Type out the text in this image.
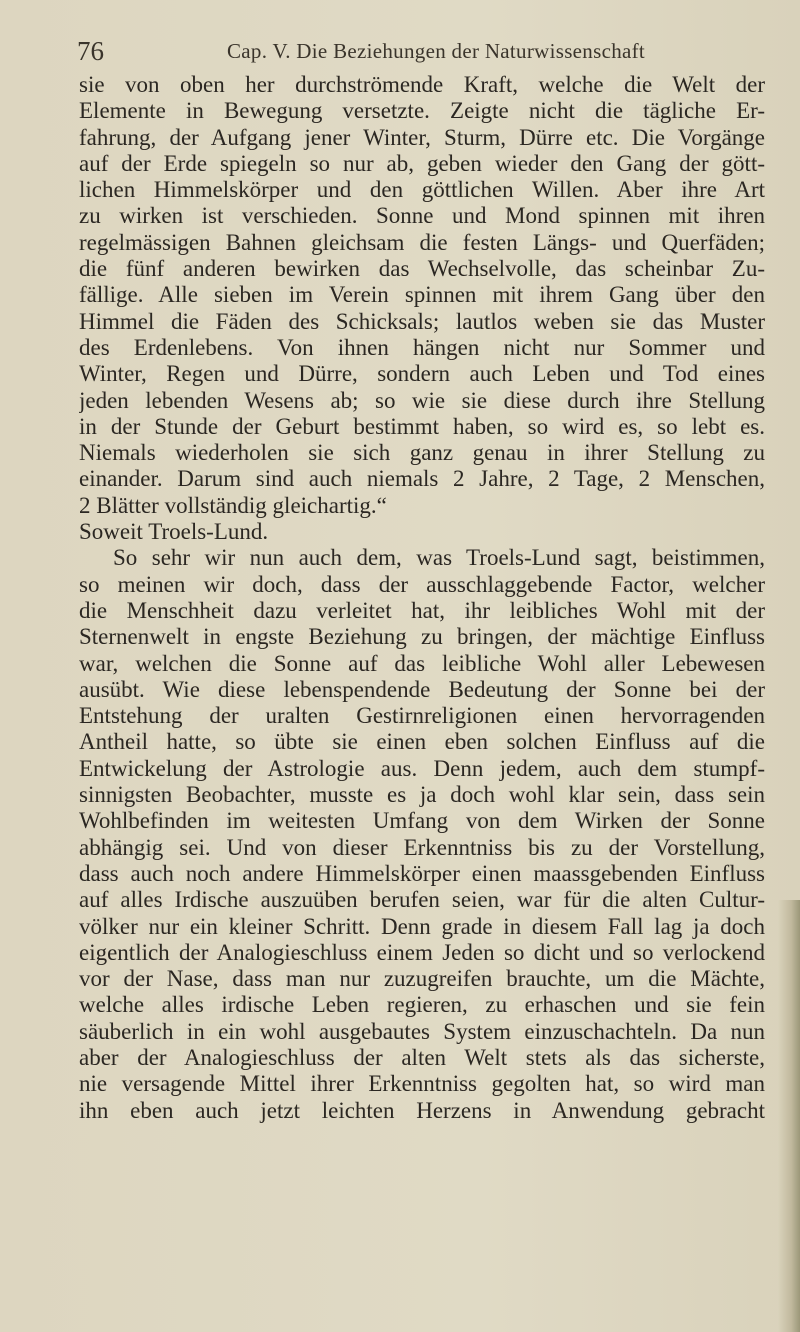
76	Cap. V. Die Beziehungen der Naturwissenschaft
sie von oben her durchströmende Kraft, welche die Welt der
Elemente in Bewegung versetzte. Zeigte nicht die tägliche Er-
fahrung, der Aufgang jener Winter, Sturm, Dürre etc. Die Vorgänge
auf der Erde spiegeln so nur ab, geben wieder den Gang der gött-
lichen Himmelskörper und den göttlichen Willen. Aber ihre Art
zu wirken ist verschieden. Sonne und Mond spinnen mit ihren
regelmässigen Bahnen gleichsam die festen Längs- und Querfäden;
die fünf anderen bewirken das Wechselvolle, das scheinbar Zu-
fällige. Alle sieben im Verein spinnen mit ihrem Gang über den
Himmel die Fäden des Schicksals; lautlos weben sie das Muster
des Erdenlebens. Von ihnen hängen nicht nur Sommer und
Winter, Regen und Dürre, sondern auch Leben und Tod eines
jeden lebenden Wesens ab; so wie sie diese durch ihre Stellung
in der Stunde der Geburt bestimmt haben, so wird es, so lebt es.
Niemals wiederholen sie sich ganz genau in ihrer Stellung zu
einander. Darum sind auch niemals 2 Jahre, 2 Tage, 2 Menschen,
2 Blätter vollständig gleichartig.“
Soweit Troels-Lund.
So sehr wir nun auch dem, was Troels-Lund sagt, beistimmen,
so meinen wir doch, dass der ausschlaggebende Factor, welcher
die Menschheit dazu verleitet hat, ihr leibliches Wohl mit der
Sternenwelt in engste Beziehung zu bringen, der mächtige Einfluss
war, welchen die Sonne auf das leibliche Wohl aller Lebewesen
ausübt. Wie diese lebenspendende Bedeutung der Sonne bei der
Entstehung der uralten Gestirnreligionen einen hervorragenden
Antheil hatte, so übte sie einen eben solchen Einfluss auf die
Entwickelung der Astrologie aus. Denn jedem, auch dem stumpf-
sinnigsten Beobachter, musste es ja doch wohl klar sein, dass sein
Wohlbefinden im weitesten Umfang von dem Wirken der Sonne
abhängig sei. Und von dieser Erkenntniss bis zu der Vorstellung,
dass auch noch andere Himmelskörper einen maassgebenden Einfluss
auf alles Irdische auszuüben berufen seien, war für die alten Cultur-
völker nur ein kleiner Schritt. Denn grade in diesem Fall lag ja doch
eigentlich der Analogieschluss einem Jeden so dicht und so verlockend
vor der Nase, dass man nur zuzugreifen brauchte, um die Mächte,
welche alles irdische Leben regieren, zu erhaschen und sie fein
säuberlich in ein wohl ausgebautes System einzuschachteln. Da nun
aber der Analogieschluss der alten Welt stets als das sicherste,
nie versagende Mittel ihrer Erkenntniss gegolten hat, so wird man
ihn eben auch jetzt leichten Herzens in Anwendung gebracht
